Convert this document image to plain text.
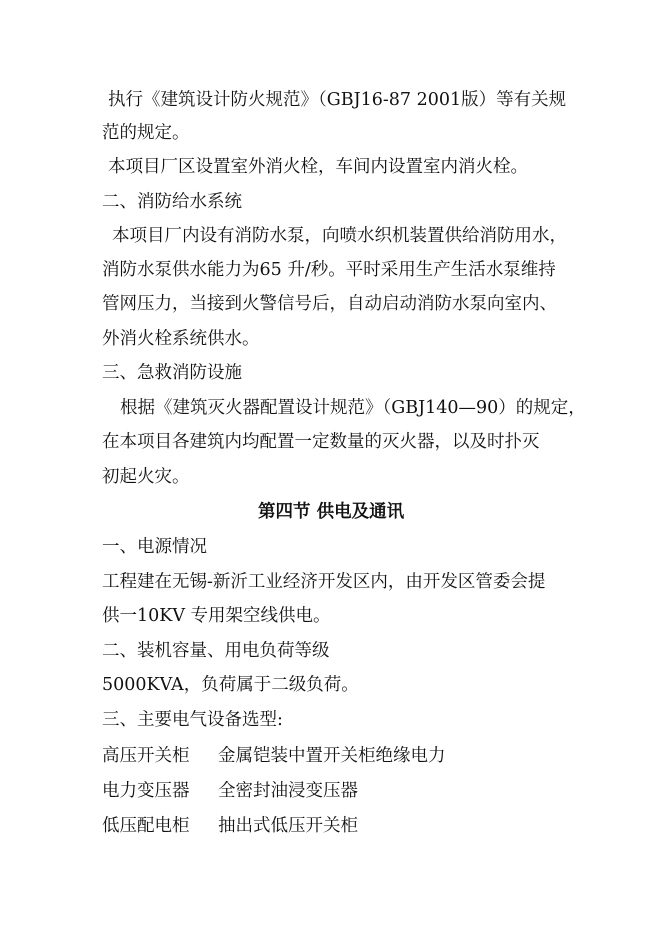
执行《建筑设计防火规范》（GBJ16-87 2001版）等有关规
范的规定。
本项目厂区设置室外消火栓，车间内设置室内消火栓。
二、消防给水系统
本项目厂内设有消防水泵，向喷水织机装置供给消防用水，
消防水泵供水能力为65 升/秒。平时采用生产生活水泵维持
管网压力，当接到火警信号后，自动启动消防水泵向室内、
外消火栓系统供水。
三、急救消防设施
根据《建筑灭火器配置设计规范》（GBJ140—90）的规定，
在本项目各建筑内均配置一定数量的灭火器，以及时扑灭
初起火灾。
第四节 供电及通讯
一、电源情况
工程建在无锡-新沂工业经济开发区内，由开发区管委会提
供一10KV 专用架空线供电。
二、装机容量、用电负荷等级
5000KVA，负荷属于二级负荷。
三、主要电气设备选型:
高压开关柜 金属铠装中置开关柜绝缘电力
电力变压器 全密封油浸变压器
低压配电柜 抽出式低压开关柜
